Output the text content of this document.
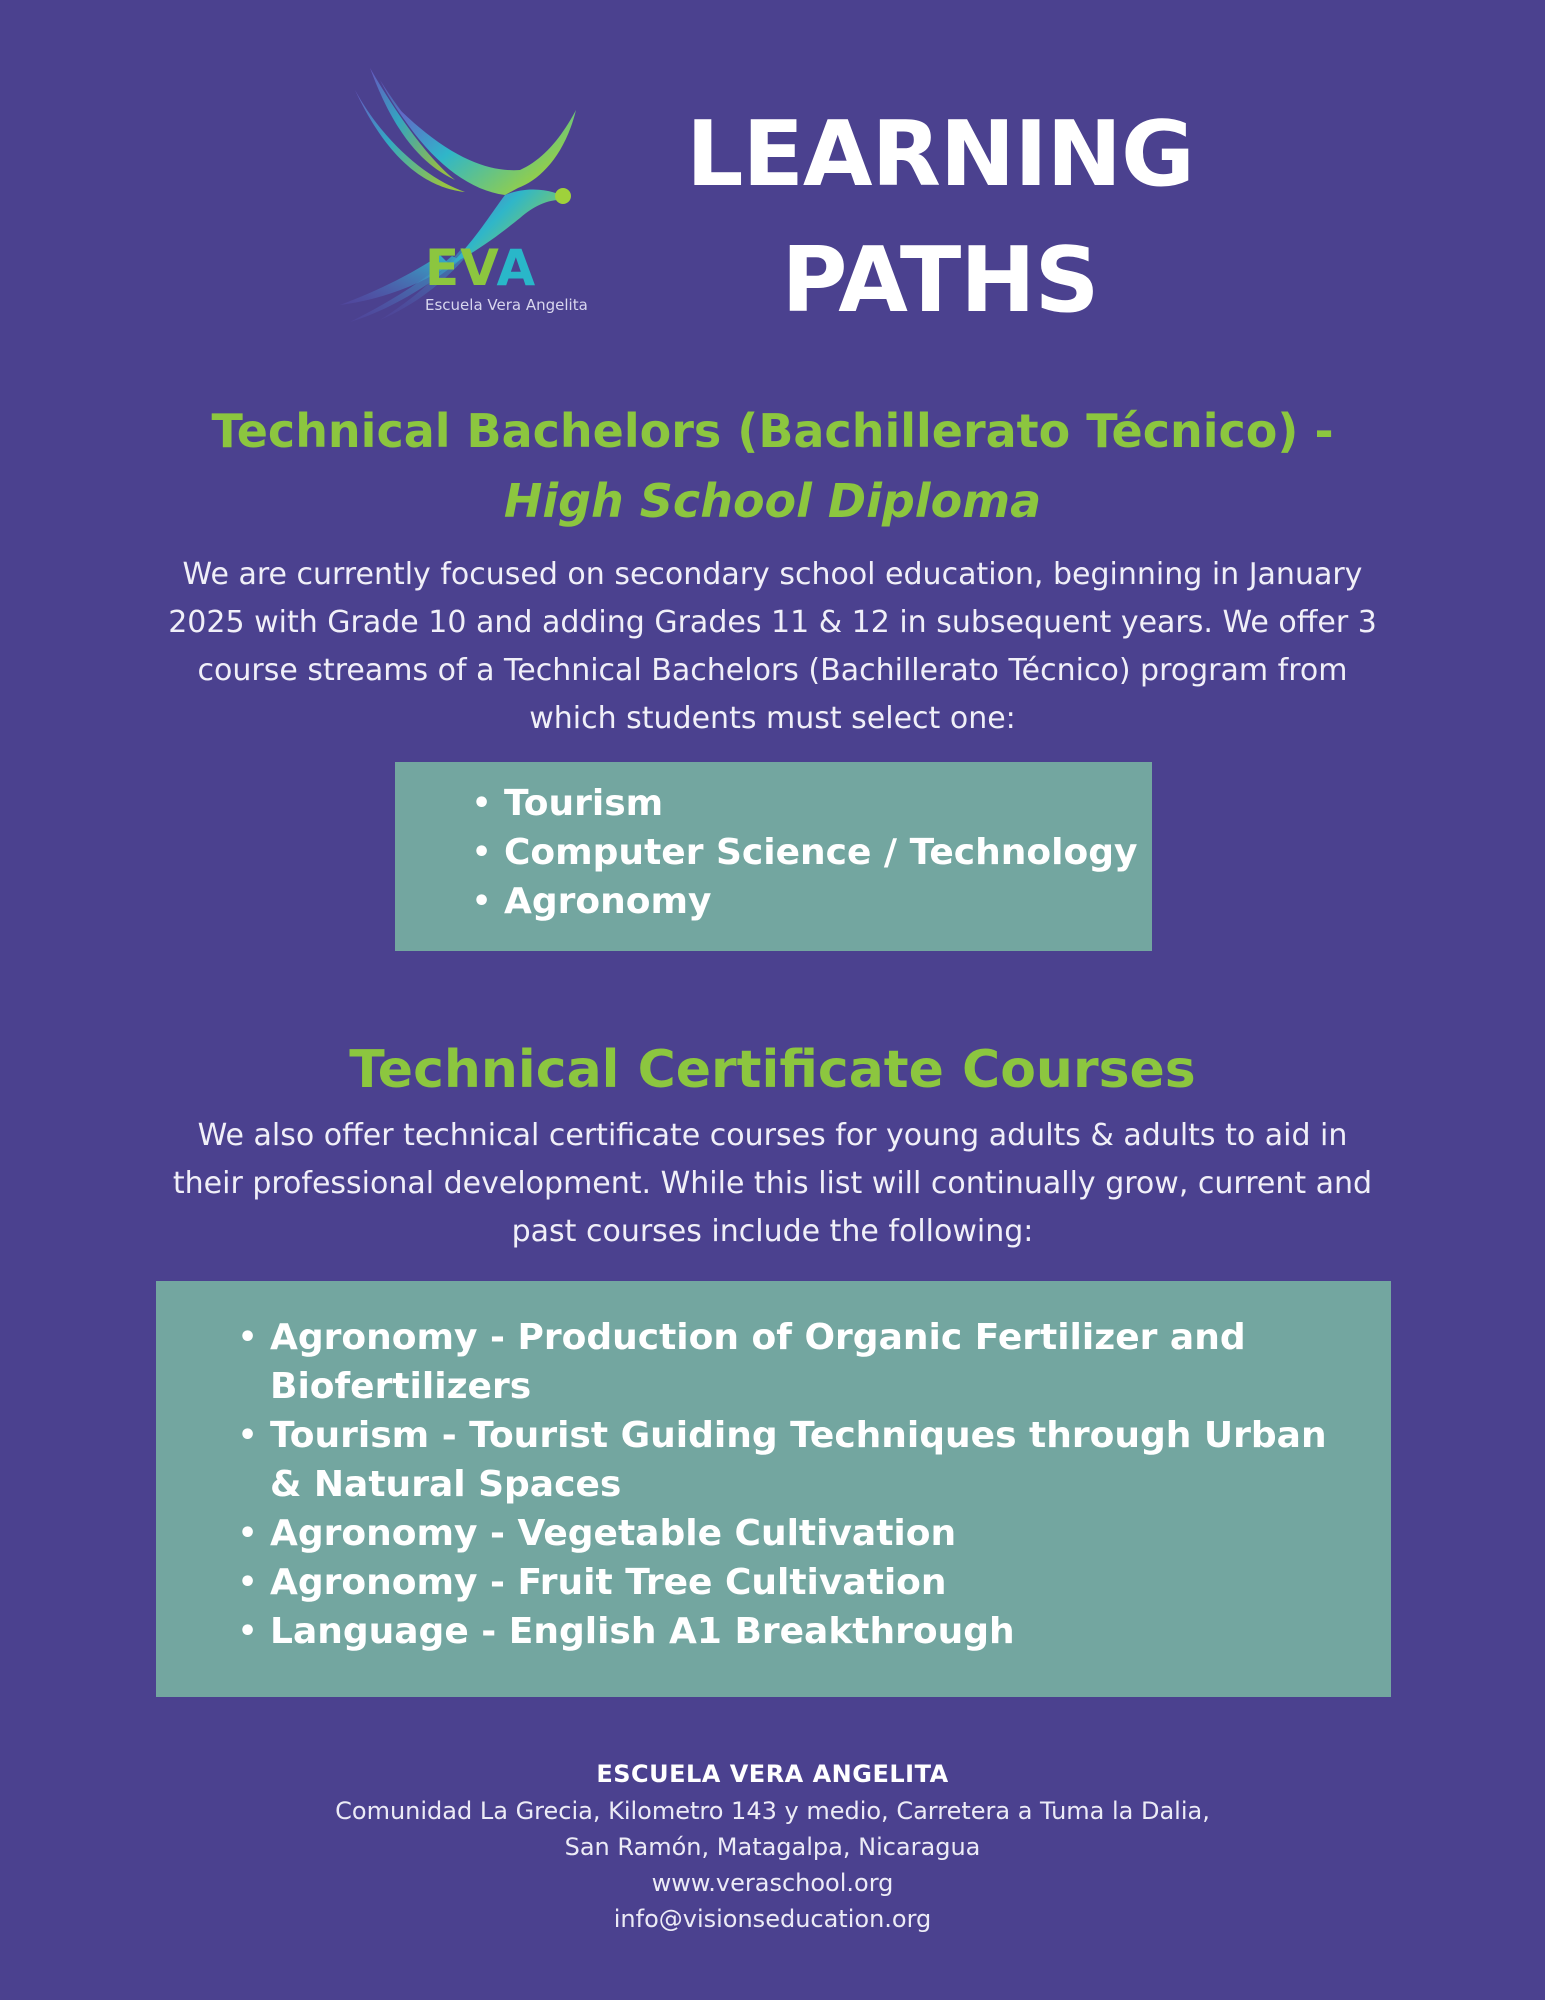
EVA
Escuela Vera Angelita
LEARNING
PATHS
Technical Bachelors (Bachillerato Técnico) -
High School Diploma

We are currently focused on secondary school education, beginning in January 2025 with Grade 10 and adding Grades 11 & 12 in subsequent years. We offer 3 course streams of a Technical Bachelors (Bachillerato Técnico) program from which students must select one:

• Tourism
• Computer Science / Technology
• Agronomy
Technical Certificate Courses

We also offer technical certificate courses for young adults & adults to aid in their professional development. While this list will continually grow, current and past courses include the following:

• Agronomy - Production of Organic Fertilizer and Biofertilizers
• Tourism - Tourist Guiding Techniques through Urban & Natural Spaces
• Agronomy - Vegetable Cultivation
• Agronomy - Fruit Tree Cultivation
• Language - English A1 Breakthrough
ESCUELA VERA ANGELITA
Comunidad La Grecia, Kilometro 143 y medio, Carretera a Tuma la Dalia,
San Ramón, Matagalpa, Nicaragua
www.veraschool.org
info@visionseducation.org
